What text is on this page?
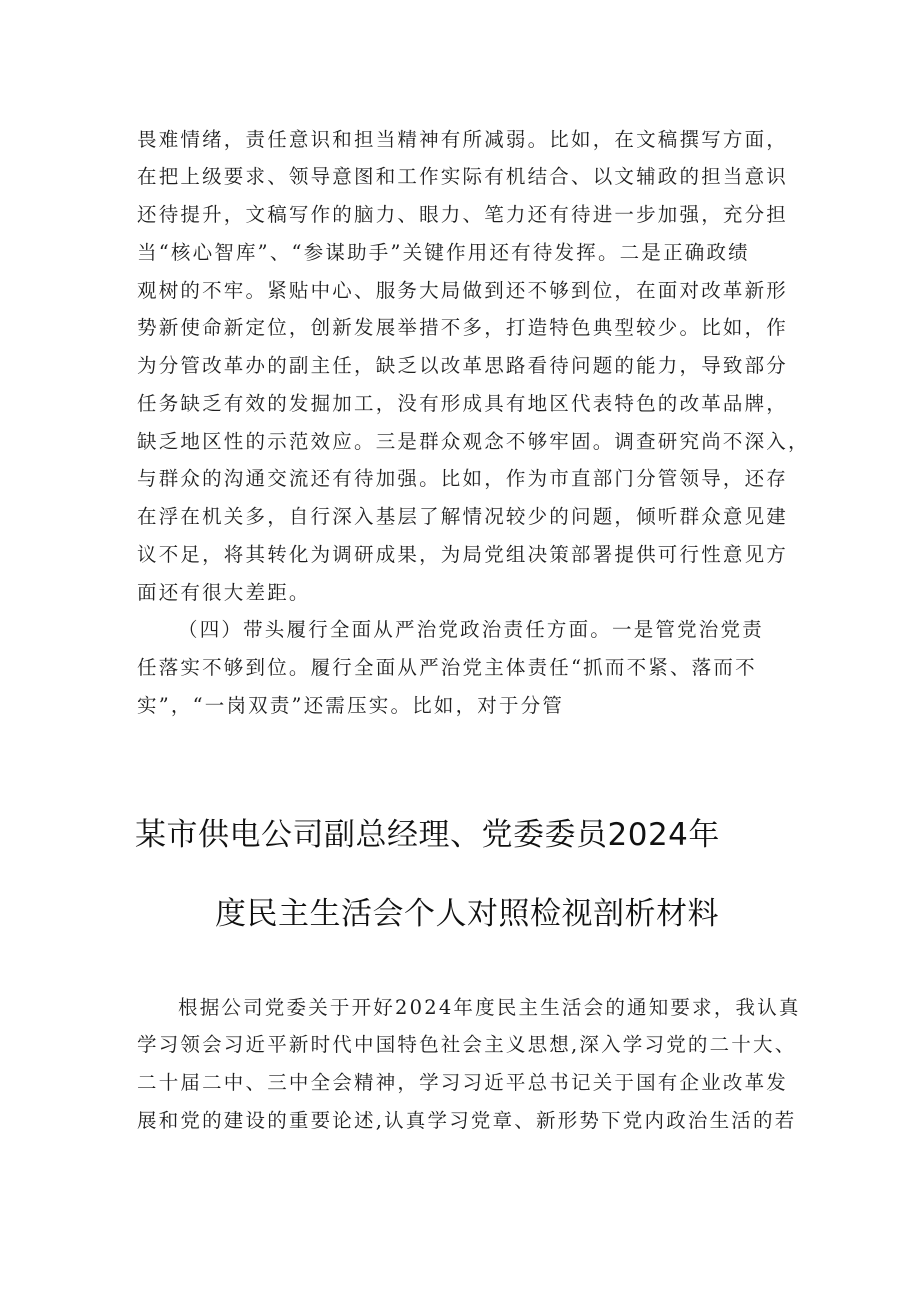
畏难情绪，责任意识和担当精神有所减弱。比如，在文稿撰写方面，
在把上级要求、领导意图和工作实际有机结合、以文辅政的担当意识
还待提升，文稿写作的脑力、眼力、笔力还有待进一步加强，充分担
当“核心智库”、“参谋助手”关键作用还有待发挥。二是正确政绩
观树的不牢。紧贴中心、服务大局做到还不够到位，在面对改革新形
势新使命新定位，创新发展举措不多，打造特色典型较少。比如，作
为分管改革办的副主任，缺乏以改革思路看待问题的能力，导致部分
任务缺乏有效的发掘加工，没有形成具有地区代表特色的改革品牌，
缺乏地区性的示范效应。三是群众观念不够牢固。调查研究尚不深入，
与群众的沟通交流还有待加强。比如，作为市直部门分管领导，还存
在浮在机关多，自行深入基层了解情况较少的问题，倾听群众意见建
议不足，将其转化为调研成果，为局党组决策部署提供可行性意见方
面还有很大差距。
（四）带头履行全面从严治党政治责任方面。一是管党治党责
任落实不够到位。履行全面从严治党主体责任“抓而不紧、落而不
实”，“一岗双责”还需压实。比如，对于分管
某市供电公司副总经理、党委委员2024年
度民主生活会个人对照检视剖析材料
根据公司党委关于开好2024年度民主生活会的通知要求，我认真
学习领会习近平新时代中国特色社会主义思想,深入学习党的二十大、
二十届二中、三中全会精神，学习习近平总书记关于国有企业改革发
展和党的建设的重要论述,认真学习党章、新形势下党内政治生活的若
